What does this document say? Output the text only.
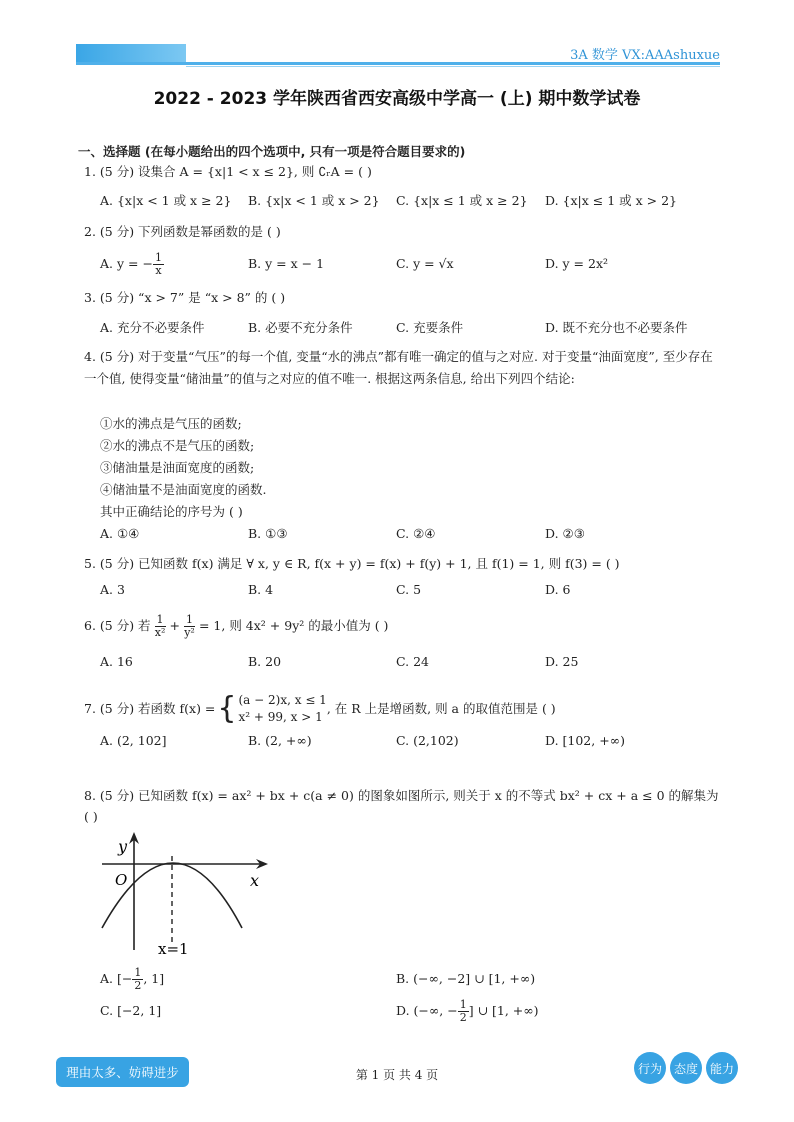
3A 数学 VX:AAAshuxue
2022 - 2023 学年陕西省西安高级中学高一 (上) 期中数学试卷
一、选择题 (在每小题给出的四个选项中, 只有一项是符合题目要求的)
1. (5 分) 设集合 A = {x|1 < x ≤ 2}, 则 ∁ᵣA = ( )
A. {x|x < 1 或 x ≥ 2} B. {x|x < 1 或 x > 2} C. {x|x ≤ 1 或 x ≥ 2} D. {x|x ≤ 1 或 x > 2}
2. (5 分) 下列函数是幂函数的是 ( )
A. y = − $\frac{1}{x}$	B. y = x − 1	C. y = √x	D. y = 2x²
3. (5 分) “x > 7” 是 “x > 8” 的 ( )
A. 充分不必要条件	B. 必要不充分条件	C. 充要条件	D. 既不充分也不必要条件
4. (5 分) 对于变量“气压”的每一个值, 变量“水的沸点”都有唯一确定的值与之对应. 对于变量“油面宽度”, 至少存在一个值, 使得变量“储油量”的值与之对应的值不唯一. 根据这两条信息, 给出下列四个结论:
①水的沸点是气压的函数;
②水的沸点不是气压的函数;
③储油量是油面宽度的函数;
④储油量不是油面宽度的函数.
其中正确结论的序号为 ( )
A. ①④	B. ①③	C. ②④	D. ②③
5. (5 分) 已知函数 f(x) 满足 ∀ x, y ∈ R, f(x + y) = f(x) + f(y) + 1, 且 f(1) = 1, 则 f(3) = ( )
A. 3	B. 4	C. 5	D. 6
6. (5 分) 若 $\frac{1}{\text{x²}} + \frac{1}{\text{y²}} = 1$, 则 4x² + 9y² 的最小值为 ( )
A. 16	B. 20	C. 24	D. 25
7. (5 分) 若函数 f(x) = { (a − 2)x, x ≤ 1
x² + 99, x > 1
, 在 R 上是增函数, 则 a 的取值范围是 ( )
A. (2, 102]	B. (2, +∞)	C. (2,102)	D. [102, +∞)
8. (5 分) 已知函数 f(x) = ax² + bx + c(a ≠ 0) 的图象如图所示, 则关于 x 的不等式 bx² + cx + a ≤ 0 的解集为
( )
y
O	x
x=1
A. [− $\frac{1}{2}$ , 1]	B. (−∞, −2] ∪ [1, +∞)
C. [−2, 1]	D. (−∞, − $\frac{1}{2}$ ] ∪ [1, +∞)
理由太多、妨碍进步	第 1 页 共 4 页	行为 态度 能力
